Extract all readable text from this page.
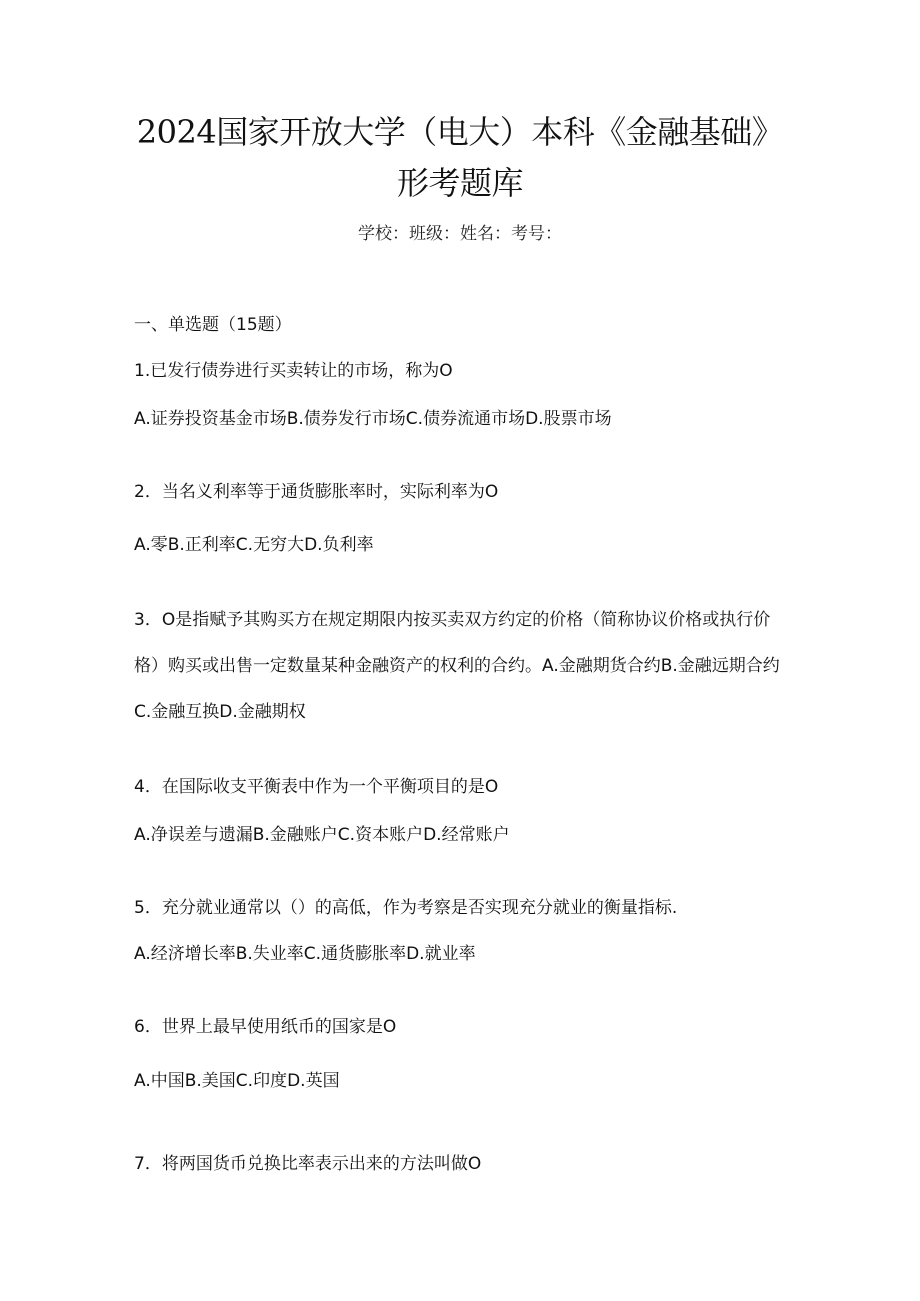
2024国家开放大学（电大）本科《金融基础》
形考题库
学校：班级：姓名：考号：
一、单选题（15题）
1.已发行债券进行买卖转让的市场，称为O
A.证券投资基金市场B.债券发行市场C.债券流通市场D.股票市场
2．当名义利率等于通货膨胀率时，实际利率为O
A.零B.正利率C.无穷大D.负利率
3．O是指赋予其购买方在规定期限内按买卖双方约定的价格（简称协议价格或执行价格）购买或出售一定数量某种金融资产的权利的合约。A.金融期货合约B.金融远期合约C.金融互换D.金融期权
4．在国际收支平衡表中作为一个平衡项目的是O
A.净误差与遗漏B.金融账户C.资本账户D.经常账户
5．充分就业通常以（）的高低，作为考察是否实现充分就业的衡量指标.
A.经济增长率B.失业率C.通货膨胀率D.就业率
6．世界上最早使用纸币的国家是O
A.中国B.美国C.印度D.英国
7．将两国货币兑换比率表示出来的方法叫做O
